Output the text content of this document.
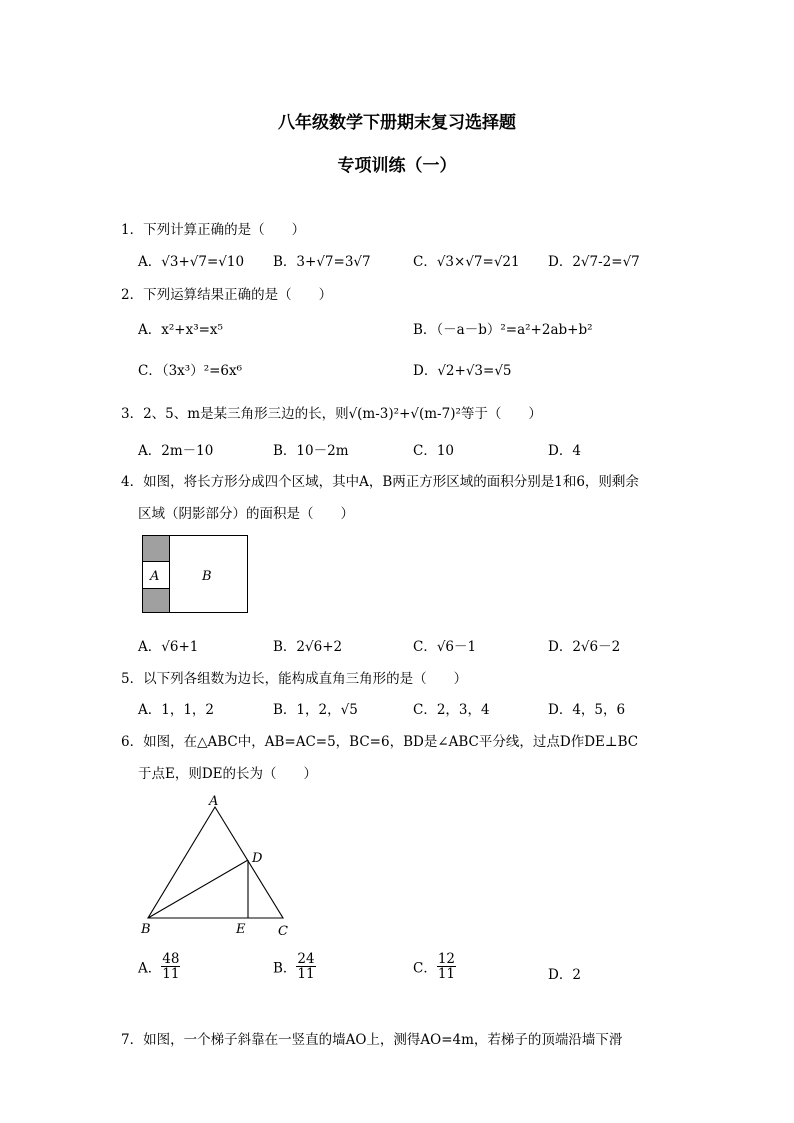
八年级数学下册期末复习选择题
专项训练（一）
1．下列计算正确的是（　　）
A．√3+√7=√10 B．3+√7=3√7	C．√3×√7=√21 D．2√7-2=√7
2．下列运算结果正确的是（　　）
A．x²+x³=x⁵	B．（－a－b）²=a²+2ab+b²
C．（3x³）²=6x⁶	D．√2+√3=√5
3．2、5、m是某三角形三边的长，则√(m-3)²+√(m-7)²等于（　　）
A．2m－10	B．10－2m	C．10	D．4
4．如图，将长方形分成四个区域，其中A，B两正方形区域的面积分别是1和6，则剩余
区域（阴影部分）的面积是（　　）
A	B
A．√6+1	B．2√6+2	C．√6－1	D．2√6－2
5．以下列各组数为边长，能构成直角三角形的是（　　）
A．1，1，2	B．1，2，√5	C．2，3，4	D．4，5，6
6．如图，在△ABC中，AB=AC=5，BC=6，BD是∠ABC平分线，过点D作DE⊥BC
于点E，则DE的长为（　　）
A
B	C
D
E
A． $\frac{48}{11}$	B． $\frac{24}{11}$	C． $\frac{12}{11}$	D．2
7．如图，一个梯子斜靠在一竖直的墙AO上，测得AO=4m，若梯子的顶端沿墙下滑
